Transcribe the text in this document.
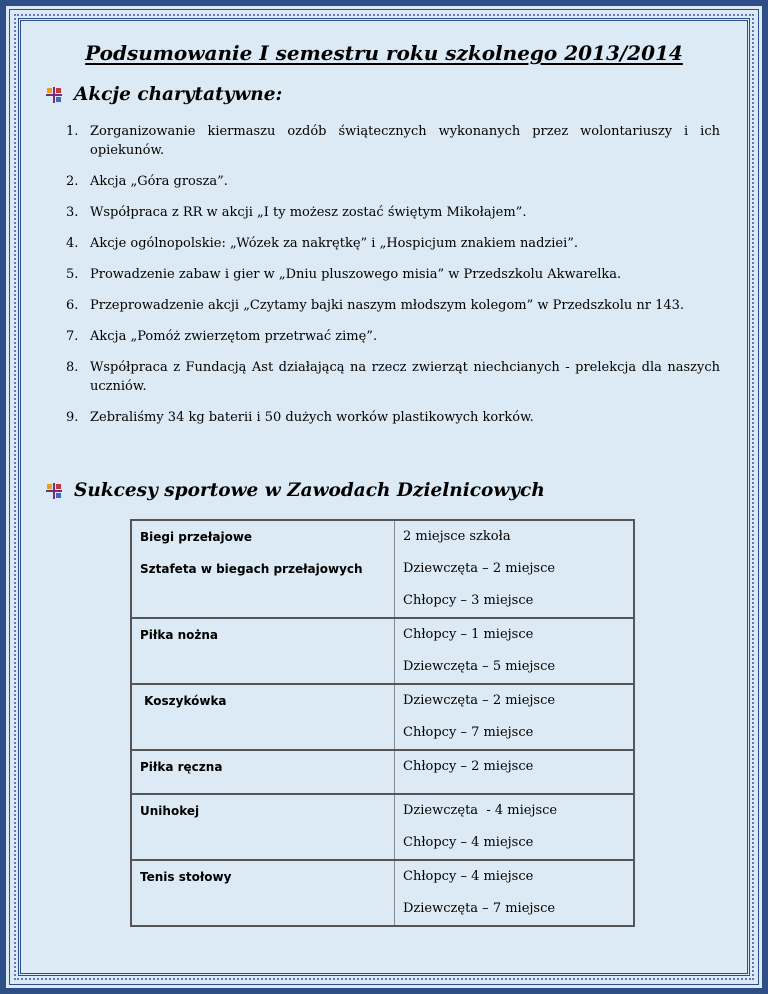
Podsumowanie I semestru roku szkolnego 2013/2014
Akcje charytatywne:
1. Zorganizowanie kiermaszu ozdób świątecznych wykonanych przez wolontariuszy i ich opiekunów.
2. Akcja „Góra grosza”.
3. Współpraca z RR w akcji „I ty możesz zostać świętym Mikołajem”.
4. Akcje ogólnopolskie: „Wózek za nakrętkę” i „Hospicjum znakiem nadziei”.
5. Prowadzenie zabaw i gier w „Dniu pluszowego misia” w Przedszkolu Akwarelka.
6. Przeprowadzenie akcji „Czytamy bajki naszym młodszym kolegom” w Przedszkolu nr 143.
7. Akcja „Pomóż zwierzętom przetrwać zimę”.
8. Współpraca z Fundacją Ast działającą na rzecz zwierząt niechcianych - prelekcja dla naszych uczniów.
9. Zebraliśmy 34 kg baterii i 50 dużych worków plastikowych korków.
Sukcesy sportowe w Zawodach Dzielnicowych
Biegi przełajowe
Sztafeta w biegach przełajowych	2 miejsce szkoła
Dziewczęta – 2 miejsce
Chłopcy – 3 miejsce

Piłka nożna	Chłopcy – 1 miejsce
Dziewczęta – 5 miejsce

Koszykówka	Dziewczęta – 2 miejsce
Chłopcy – 7 miejsce

Piłka ręczna	Chłopcy – 2 miejsce

Unihokej	Dziewczęta  - 4 miejsce
Chłopcy – 4 miejsce

Tenis stołowy	Chłopcy – 4 miejsce
Dziewczęta – 7 miejsce
